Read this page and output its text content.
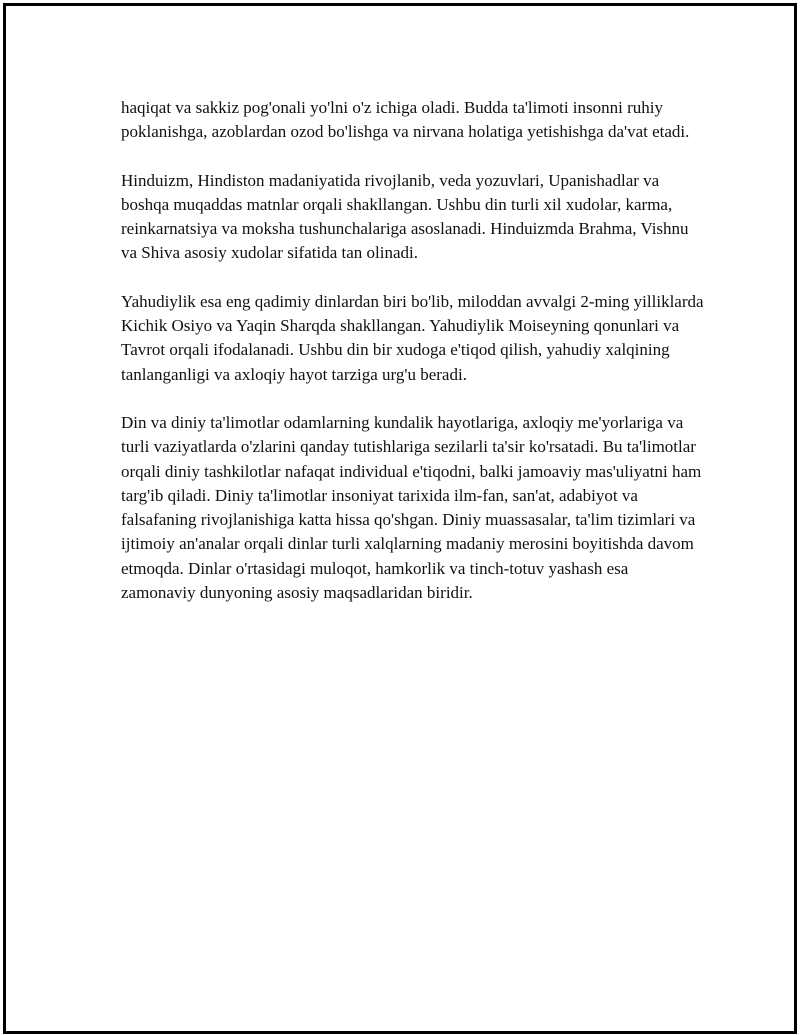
haqiqat va sakkiz pog'onali yo'lni o'z ichiga oladi. Budda ta'limoti insonni ruhiy poklanishga, azoblardan ozod bo'lishga va nirvana holatiga yetishishga da'vat etadi.

Hinduizm, Hindiston madaniyatida rivojlanib, veda yozuvlari, Upanishadlar va boshqa muqaddas matnlar orqali shakllangan. Ushbu din turli xil xudolar, karma, reinkarnatsiya va moksha tushunchalariga asoslanadi. Hinduizmda Brahma, Vishnu va Shiva asosiy xudolar sifatida tan olinadi.

Yahudiylik esa eng qadimiy dinlardan biri bo'lib, miloddan avvalgi 2-ming yilliklarda Kichik Osiyo va Yaqin Sharqda shakllangan. Yahudiylik Moiseyning qonunlari va Tavrot orqali ifodalanadi. Ushbu din bir xudoga e'tiqod qilish, yahudiy xalqining tanlanganligi va axloqiy hayot tarziga urg'u beradi.

Din va diniy ta'limotlar odamlarning kundalik hayotlariga, axloqiy me'yorlariga va turli vaziyatlarda o'zlarini qanday tutishlariga sezilarli ta'sir ko'rsatadi. Bu ta'limotlar orqali diniy tashkilotlar nafaqat individual e'tiqodni, balki jamoaviy mas'uliyatni ham targ'ib qiladi. Diniy ta'limotlar insoniyat tarixida ilm-fan, san'at, adabiyot va falsafaning rivojlanishiga katta hissa qo'shgan. Diniy muassasalar, ta'lim tizimlari va ijtimoiy an'analar orqali dinlar turli xalqlarning madaniy merosini boyitishda davom etmoqda. Dinlar o'rtasidagi muloqot, hamkorlik va tinch-totuv yashash esa zamonaviy dunyoning asosiy maqsadlaridan biridir.
